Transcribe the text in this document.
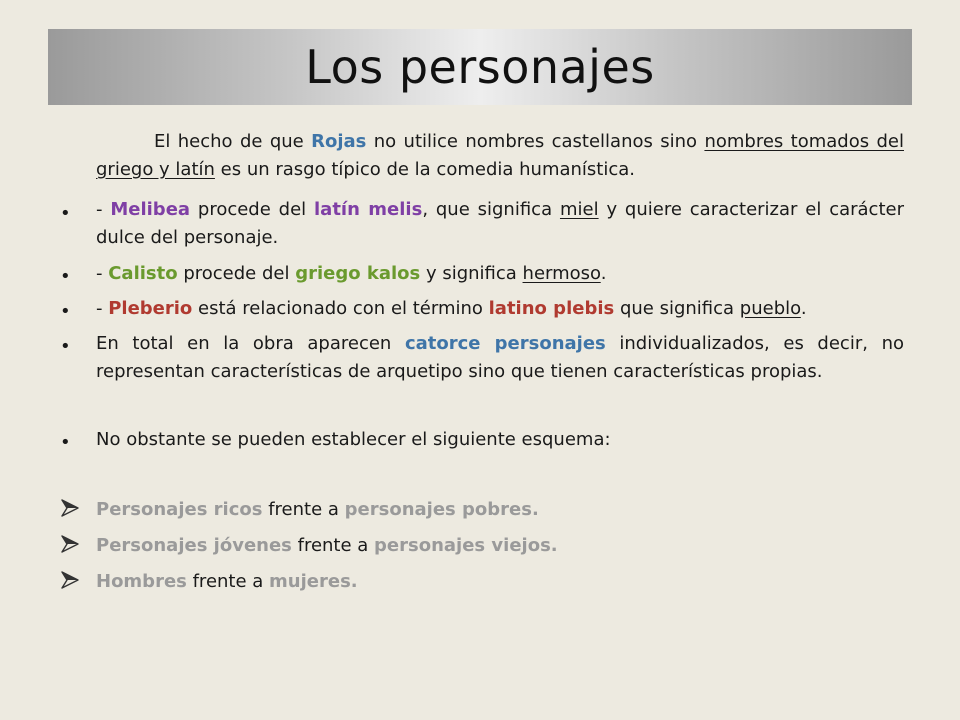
Los personajes
El hecho de que Rojas no utilice nombres castellanos sino nombres tomados del griego y latín es un rasgo típico de la comedia humanística.
•	- Melibea procede del latín melis, que significa miel y quiere caracterizar el carácter dulce del personaje.
•	- Calisto procede del griego kalos y significa hermoso.
•	- Pleberio está relacionado con el término latino plebis que significa pueblo.
•	En total en la obra aparecen catorce personajes individualizados, es decir, no representan características de arquetipo sino que tienen características propias.
•	No obstante se pueden establecer el siguiente esquema:
Personajes ricos frente a personajes pobres.
Personajes jóvenes frente a personajes viejos.
Hombres frente a mujeres.
